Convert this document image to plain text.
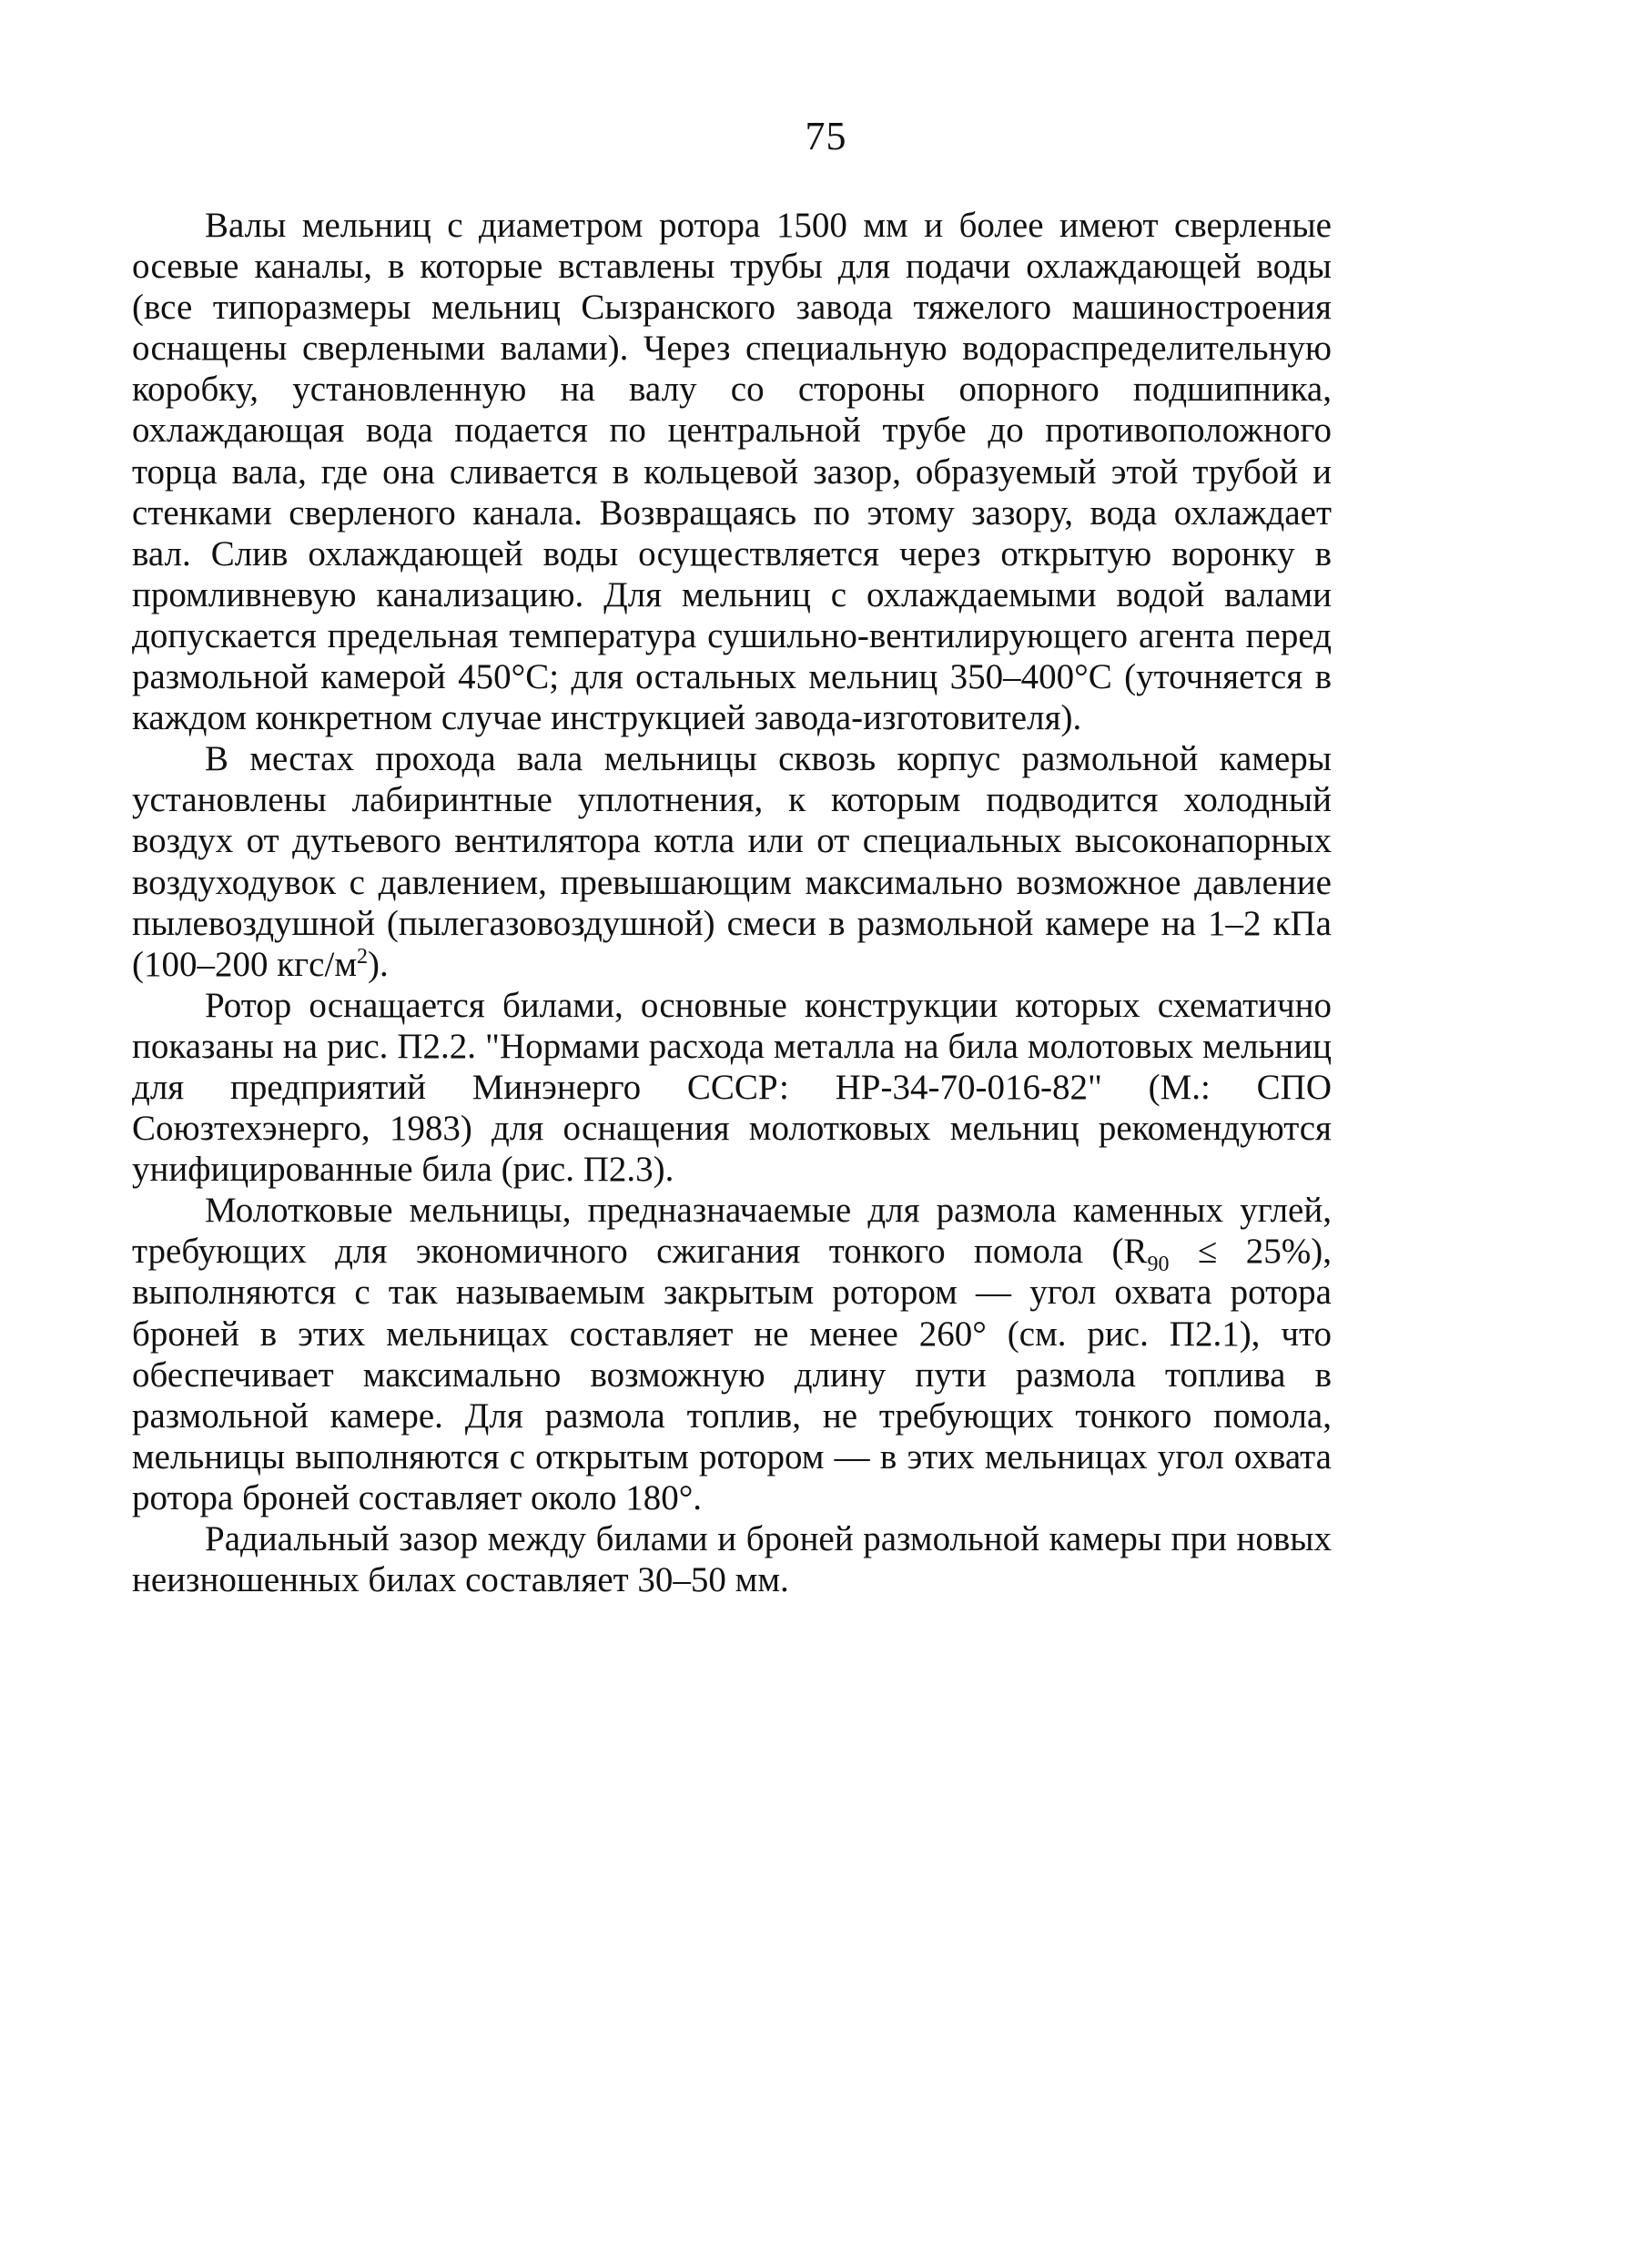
75

Валы мельниц с диаметром ротора 1500 мм и более имеют сверленые осевые каналы, в которые вставлены трубы для подачи охлаждающей воды (все типоразмеры мельниц Сызранского завода тяжелого машиностроения оснащены сверлеными валами). Через специальную водораспределительную коробку, установленную на валу со стороны опорного подшипника, охлаждающая вода подается по центральной трубе до противоположного торца вала, где она сливается в кольцевой зазор, образуемый этой трубой и стенками сверленого канала. Возвращаясь по этому зазору, вода охлаждает вал. Слив охлаждающей воды осуществляется через открытую воронку в промливневую канализацию. Для мельниц с охлаждаемыми водой валами допускается предельная температура сушильно-вентилирующего агента перед размольной камерой 450°С; для остальных мельниц 350–400°С (уточняется в каждом конкретном случае инструкцией завода-изготовителя).

В местах прохода вала мельницы сквозь корпус размольной камеры установлены лабиринтные уплотнения, к которым подводится холодный воздух от дутьевого вентилятора котла или от специальных высоконапорных воздуходувок с давлением, превышающим максимально возможное давление пылевоздушной (пылегазовоздушной) смеси в размольной камере на 1–2 кПа (100–200 кгс/$м^2$).

Ротор оснащается билами, основные конструкции которых схематично показаны на рис. П2.2. "Нормами расхода металла на била молотовых мельниц для предприятий Минэнерго СССР: НР-34-70-016-82" (М.: СПО Союзтехэнерго, 1983) для оснащения молотковых мельниц рекомендуются унифицированные била (рис. П2.3).

Молотковые мельницы, предназначаемые для размола каменных углей, требующих для экономичного сжигания тонкого помола $(R_{90} \le 25\%)$, выполняются с так называемым закрытым ротором — угол охвата ротора броней в этих мельницах составляет не менее 260° (см. рис. П2.1), что обеспечивает максимально возможную длину пути размола топлива в размольной камере. Для размола топлив, не требующих тонкого помола, мельницы выполняются с открытым ротором — в этих мельницах угол охвата ротора броней составляет около 180°.

Радиальный зазор между билами и броней размольной камеры при новых неизношенных билах составляет 30–50 мм.
